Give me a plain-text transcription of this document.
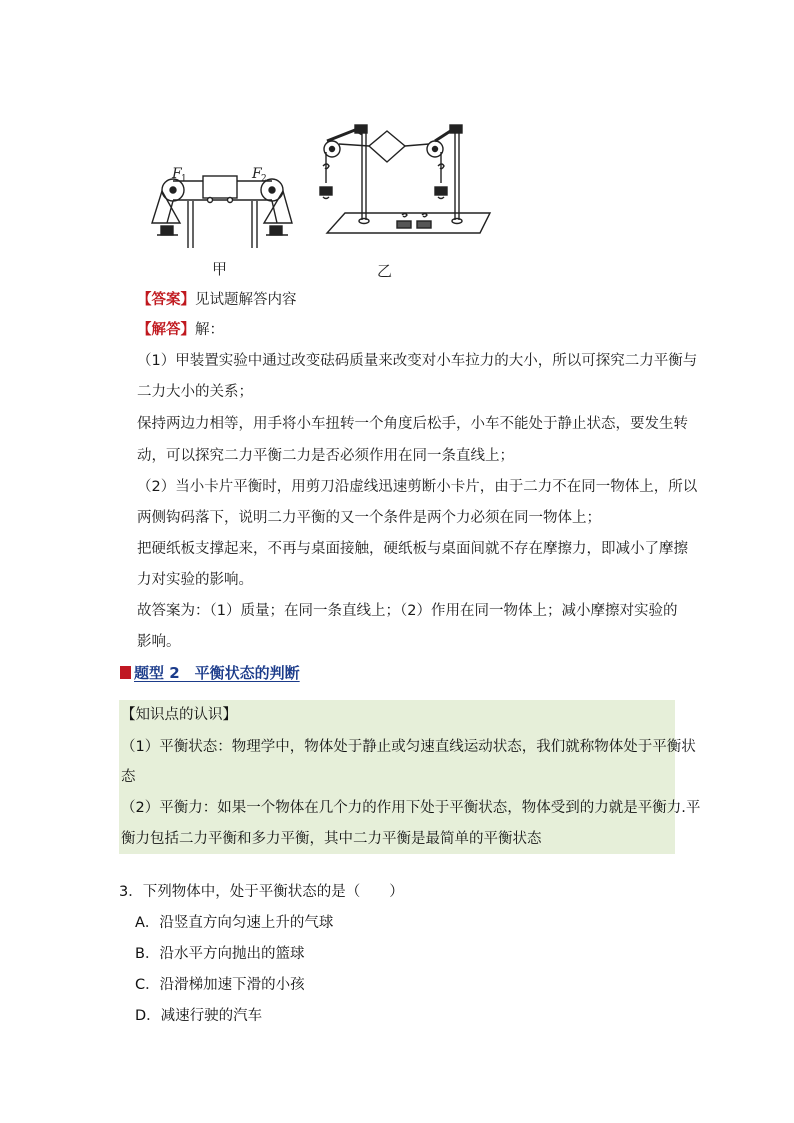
F 1	F 2
甲	乙
【答案】见试题解答内容
【解答】解：
（1）甲装置实验中通过改变砝码质量来改变对小车拉力的大小，所以可探究二力平衡与
二力大小的关系；
保持两边力相等，用手将小车扭转一个角度后松手，小车不能处于静止状态，要发生转
动，可以探究二力平衡二力是否必须作用在同一条直线上；
（2）当小卡片平衡时，用剪刀沿虚线迅速剪断小卡片，由于二力不在同一物体上，所以
两侧钩码落下，说明二力平衡的又一个条件是两个力必须在同一物体上；
把硬纸板支撑起来，不再与桌面接触，硬纸板与桌面间就不存在摩擦力，即减小了摩擦
力对实验的影响。
故答案为：（1）质量；在同一条直线上；（2）作用在同一物体上；减小摩擦对实验的
影响。
题型 2　平衡状态的判断
【知识点的认识】
（1）平衡状态：物理学中，物体处于静止或匀速直线运动状态，我们就称物体处于平衡状
态
（2）平衡力：如果一个物体在几个力的作用下处于平衡状态，物体受到的力就是平衡力.平
衡力包括二力平衡和多力平衡，其中二力平衡是最简单的平衡状态
3．下列物体中，处于平衡状态的是（　　）
A．沿竖直方向匀速上升的气球
B．沿水平方向抛出的篮球
C．沿滑梯加速下滑的小孩
D．减速行驶的汽车
